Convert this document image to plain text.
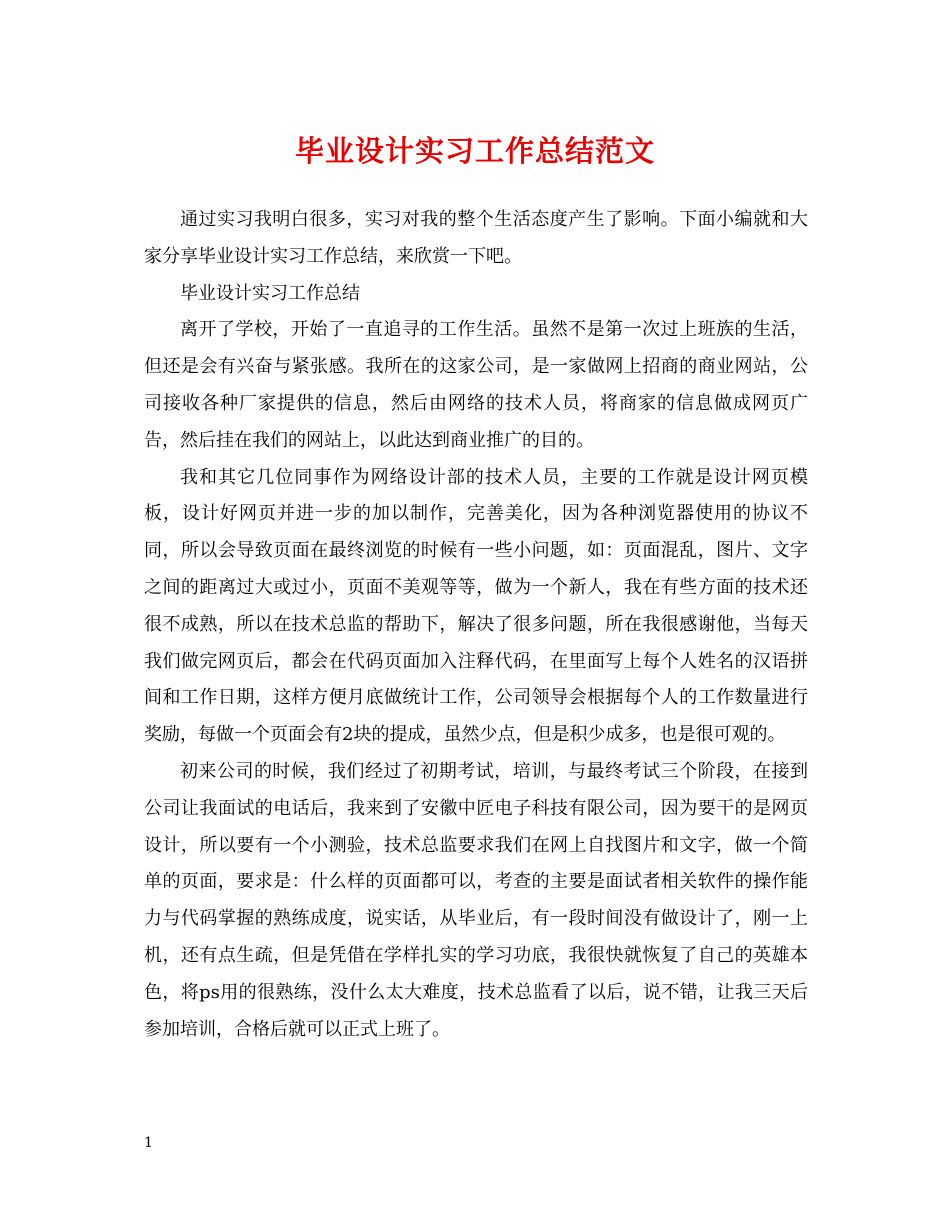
毕业设计实习工作总结范文

通过实习我明白很多，实习对我的整个生活态度产生了影响。下面小编就和大家分享毕业设计实习工作总结，来欣赏一下吧。

毕业设计实习工作总结

离开了学校，开始了一直追寻的工作生活。虽然不是第一次过上班族的生活，但还是会有兴奋与紧张感。我所在的这家公司，是一家做网上招商的商业网站，公司接收各种厂家提供的信息，然后由网络的技术人员，将商家的信息做成网页广告，然后挂在我们的网站上，以此达到商业推广的目的。

我和其它几位同事作为网络设计部的技术人员，主要的工作就是设计网页模板，设计好网页并进一步的加以制作，完善美化，因为各种浏览器使用的协议不同，所以会导致页面在最终浏览的时候有一些小问题，如：页面混乱，图片、文字之间的距离过大或过小，页面不美观等等，做为一个新人，我在有些方面的技术还很不成熟，所以在技术总监的帮助下，解决了很多问题，所在我很感谢他，当每天我们做完网页后，都会在代码页面加入注释代码，在里面写上每个人姓名的汉语拼间和工作日期，这样方便月底做统计工作，公司领导会根据每个人的工作数量进行奖励，每做一个页面会有2块的提成，虽然少点，但是积少成多，也是很可观的。

初来公司的时候，我们经过了初期考试，培训，与最终考试三个阶段，在接到公司让我面试的电话后，我来到了安徽中匠电子科技有限公司，因为要干的是网页设计，所以要有一个小测验，技术总监要求我们在网上自找图片和文字，做一个简单的页面，要求是：什么样的页面都可以，考查的主要是面试者相关软件的操作能力与代码掌握的熟练成度，说实话，从毕业后，有一段时间没有做设计了，刚一上机，还有点生疏，但是凭借在学样扎实的学习功底，我很快就恢复了自己的英雄本色，将ps用的很熟练，没什么太大难度，技术总监看了以后，说不错，让我三天后参加培训，合格后就可以正式上班了。

1
